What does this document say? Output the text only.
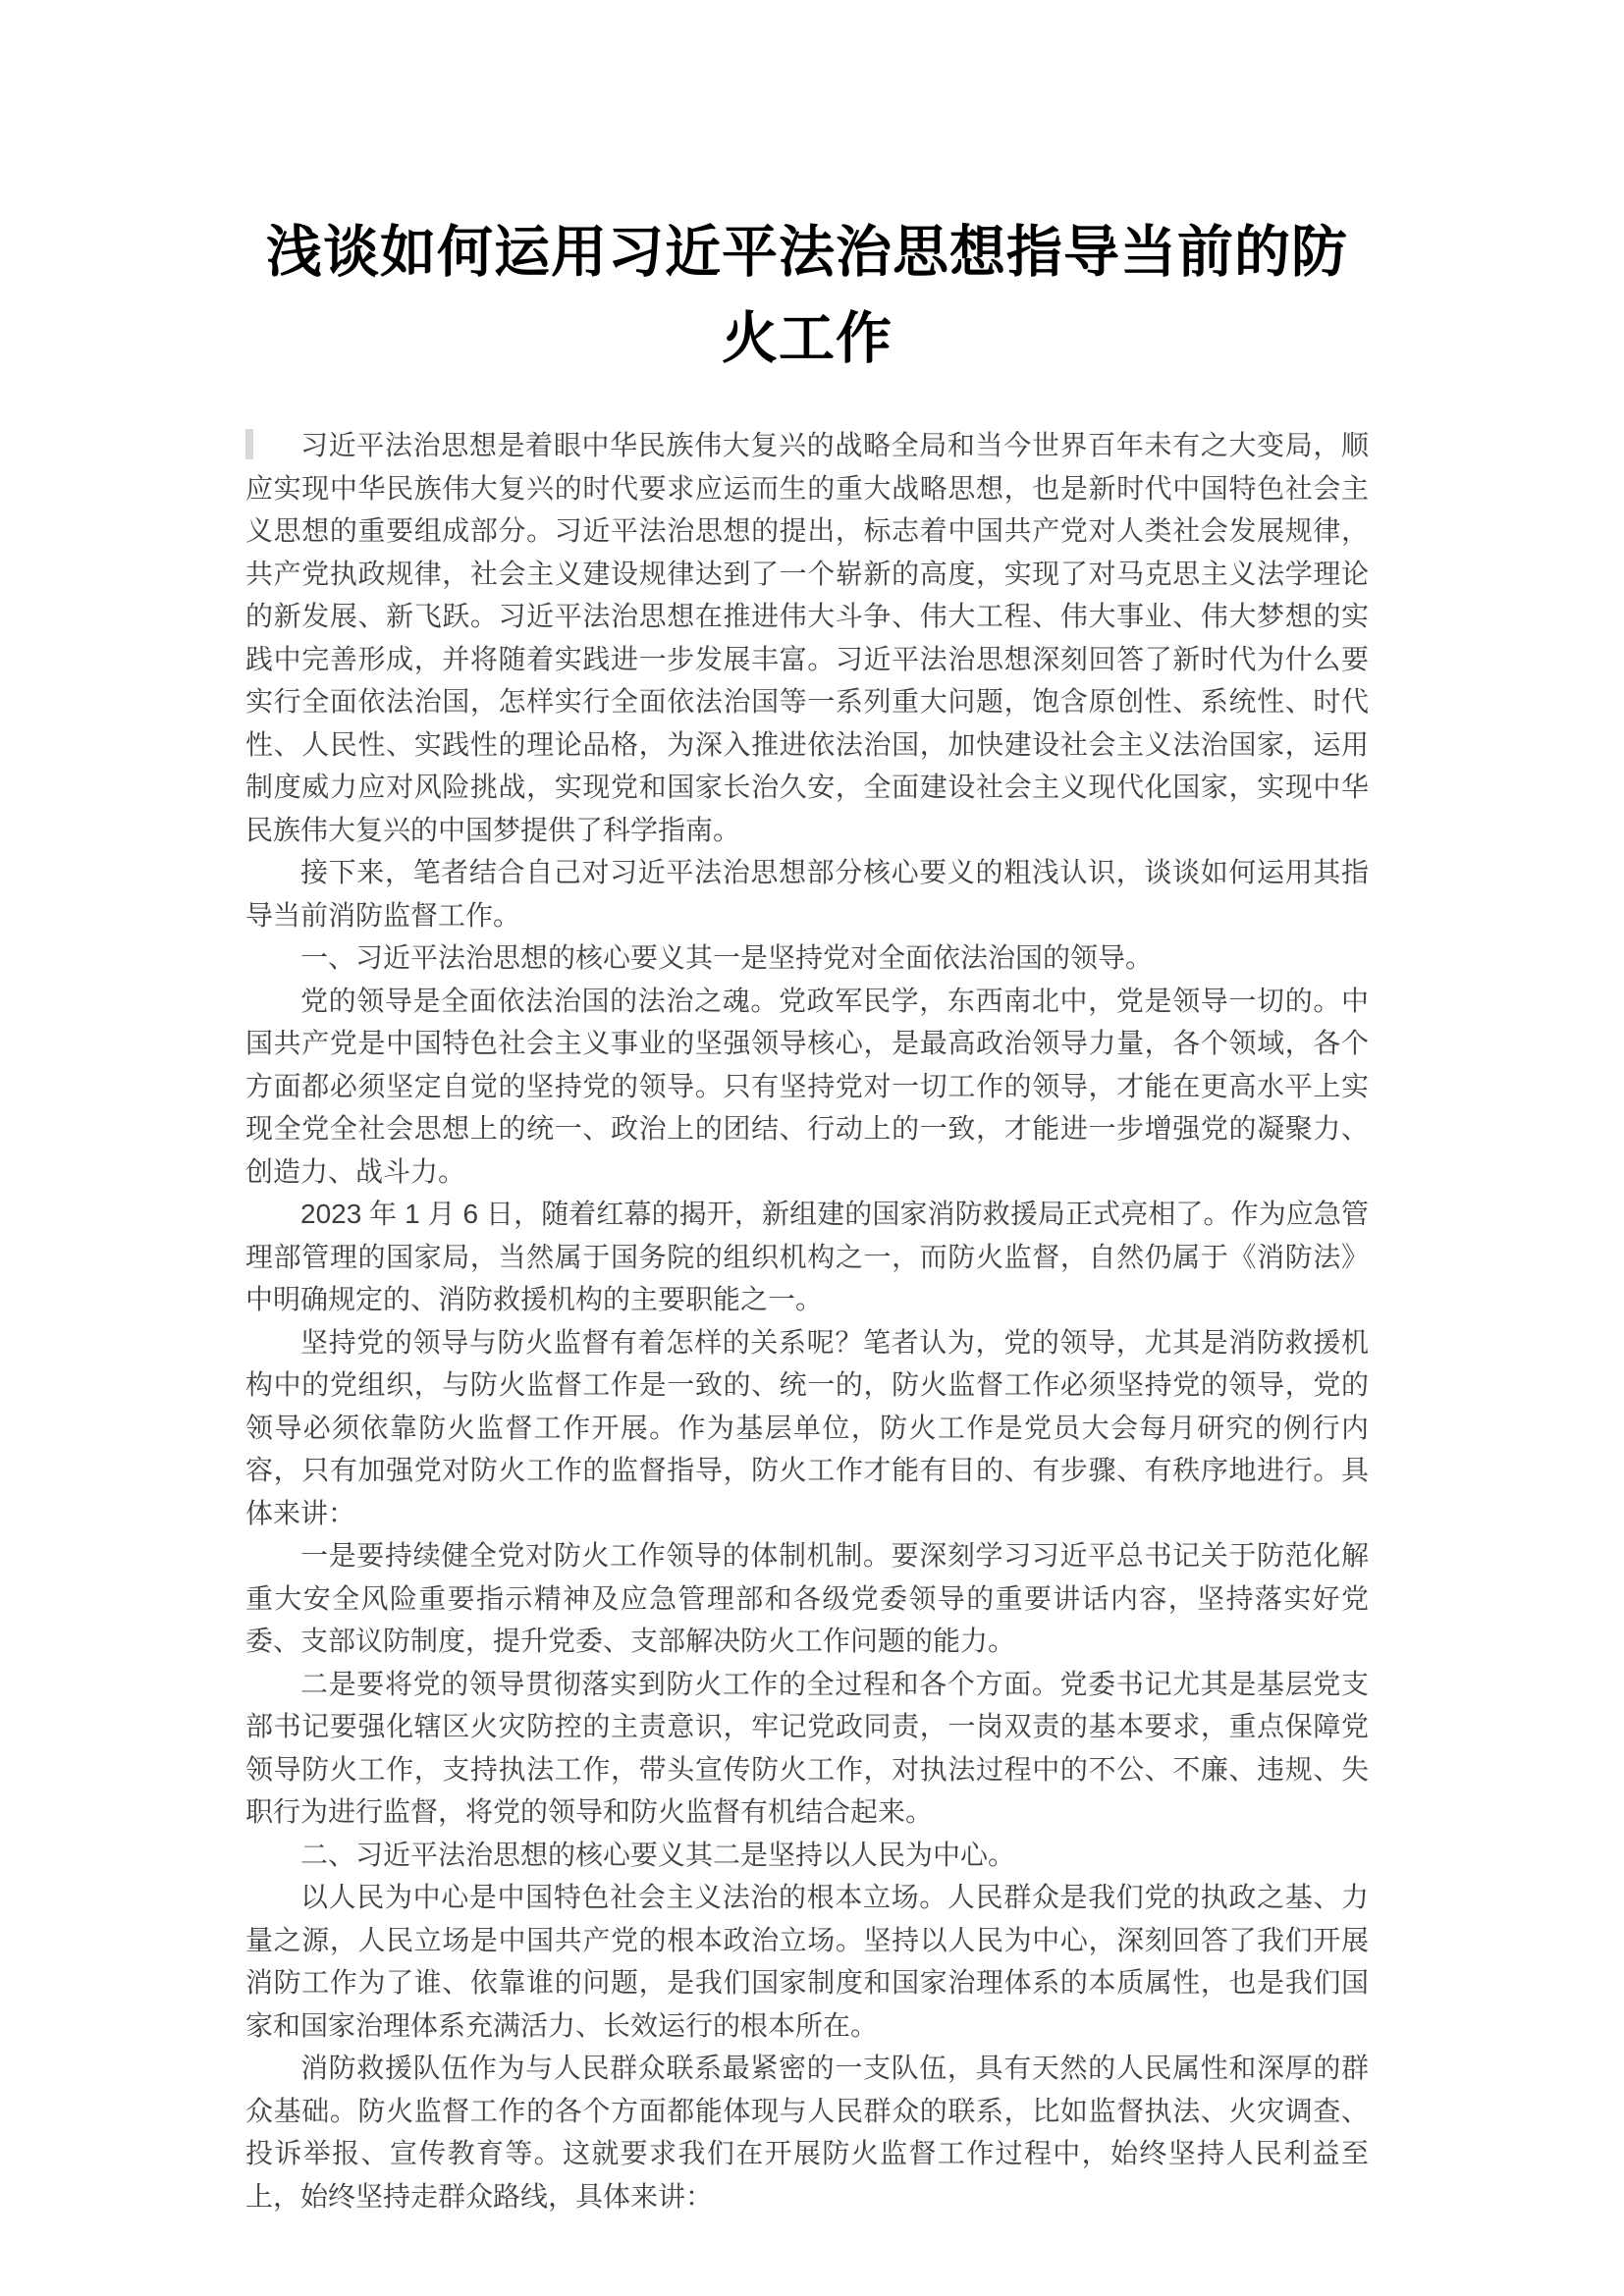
浅谈如何运用习近平法治思想指导当前的防
火工作

习近平法治思想是着眼中华民族伟大复兴的战略全局和当今世界百年未有之大变局，顺应实现中华民族伟大复兴的时代要求应运而生的重大战略思想，也是新时代中国特色社会主义思想的重要组成部分。习近平法治思想的提出，标志着中国共产党对人类社会发展规律，共产党执政规律，社会主义建设规律达到了一个崭新的高度，实现了对马克思主义法学理论的新发展、新飞跃。习近平法治思想在推进伟大斗争、伟大工程、伟大事业、伟大梦想的实践中完善形成，并将随着实践进一步发展丰富。习近平法治思想深刻回答了新时代为什么要实行全面依法治国，怎样实行全面依法治国等一系列重大问题，饱含原创性、系统性、时代性、人民性、实践性的理论品格，为深入推进依法治国，加快建设社会主义法治国家，运用制度威力应对风险挑战，实现党和国家长治久安，全面建设社会主义现代化国家，实现中华民族伟大复兴的中国梦提供了科学指南。

接下来，笔者结合自己对习近平法治思想部分核心要义的粗浅认识，谈谈如何运用其指导当前消防监督工作。

一、习近平法治思想的核心要义其一是坚持党对全面依法治国的领导。

党的领导是全面依法治国的法治之魂。党政军民学，东西南北中，党是领导一切的。中国共产党是中国特色社会主义事业的坚强领导核心，是最高政治领导力量，各个领域，各个方面都必须坚定自觉的坚持党的领导。只有坚持党对一切工作的领导，才能在更高水平上实现全党全社会思想上的统一、政治上的团结、行动上的一致，才能进一步增强党的凝聚力、创造力、战斗力。

2023 年 1 月 6 日，随着红幕的揭开，新组建的国家消防救援局正式亮相了。作为应急管理部管理的国家局，当然属于国务院的组织机构之一，而防火监督，自然仍属于《消防法》中明确规定的、消防救援机构的主要职能之一。

坚持党的领导与防火监督有着怎样的关系呢？笔者认为，党的领导，尤其是消防救援机构中的党组织，与防火监督工作是一致的、统一的，防火监督工作必须坚持党的领导，党的领导必须依靠防火监督工作开展。作为基层单位，防火工作是党员大会每月研究的例行内容，只有加强党对防火工作的监督指导，防火工作才能有目的、有步骤、有秩序地进行。具体来讲：

一是要持续健全党对防火工作领导的体制机制。要深刻学习习近平总书记关于防范化解重大安全风险重要指示精神及应急管理部和各级党委领导的重要讲话内容，坚持落实好党委、支部议防制度，提升党委、支部解决防火工作问题的能力。

二是要将党的领导贯彻落实到防火工作的全过程和各个方面。党委书记尤其是基层党支部书记要强化辖区火灾防控的主责意识，牢记党政同责，一岗双责的基本要求，重点保障党领导防火工作，支持执法工作，带头宣传防火工作，对执法过程中的不公、不廉、违规、失职行为进行监督，将党的领导和防火监督有机结合起来。

二、习近平法治思想的核心要义其二是坚持以人民为中心。

以人民为中心是中国特色社会主义法治的根本立场。人民群众是我们党的执政之基、力量之源，人民立场是中国共产党的根本政治立场。坚持以人民为中心，深刻回答了我们开展消防工作为了谁、依靠谁的问题，是我们国家制度和国家治理体系的本质属性，也是我们国家和国家治理体系充满活力、长效运行的根本所在。

消防救援队伍作为与人民群众联系最紧密的一支队伍，具有天然的人民属性和深厚的群众基础。防火监督工作的各个方面都能体现与人民群众的联系，比如监督执法、火灾调查、投诉举报、宣传教育等。这就要求我们在开展防火监督工作过程中，始终坚持人民利益至上，始终坚持走群众路线，具体来讲：
